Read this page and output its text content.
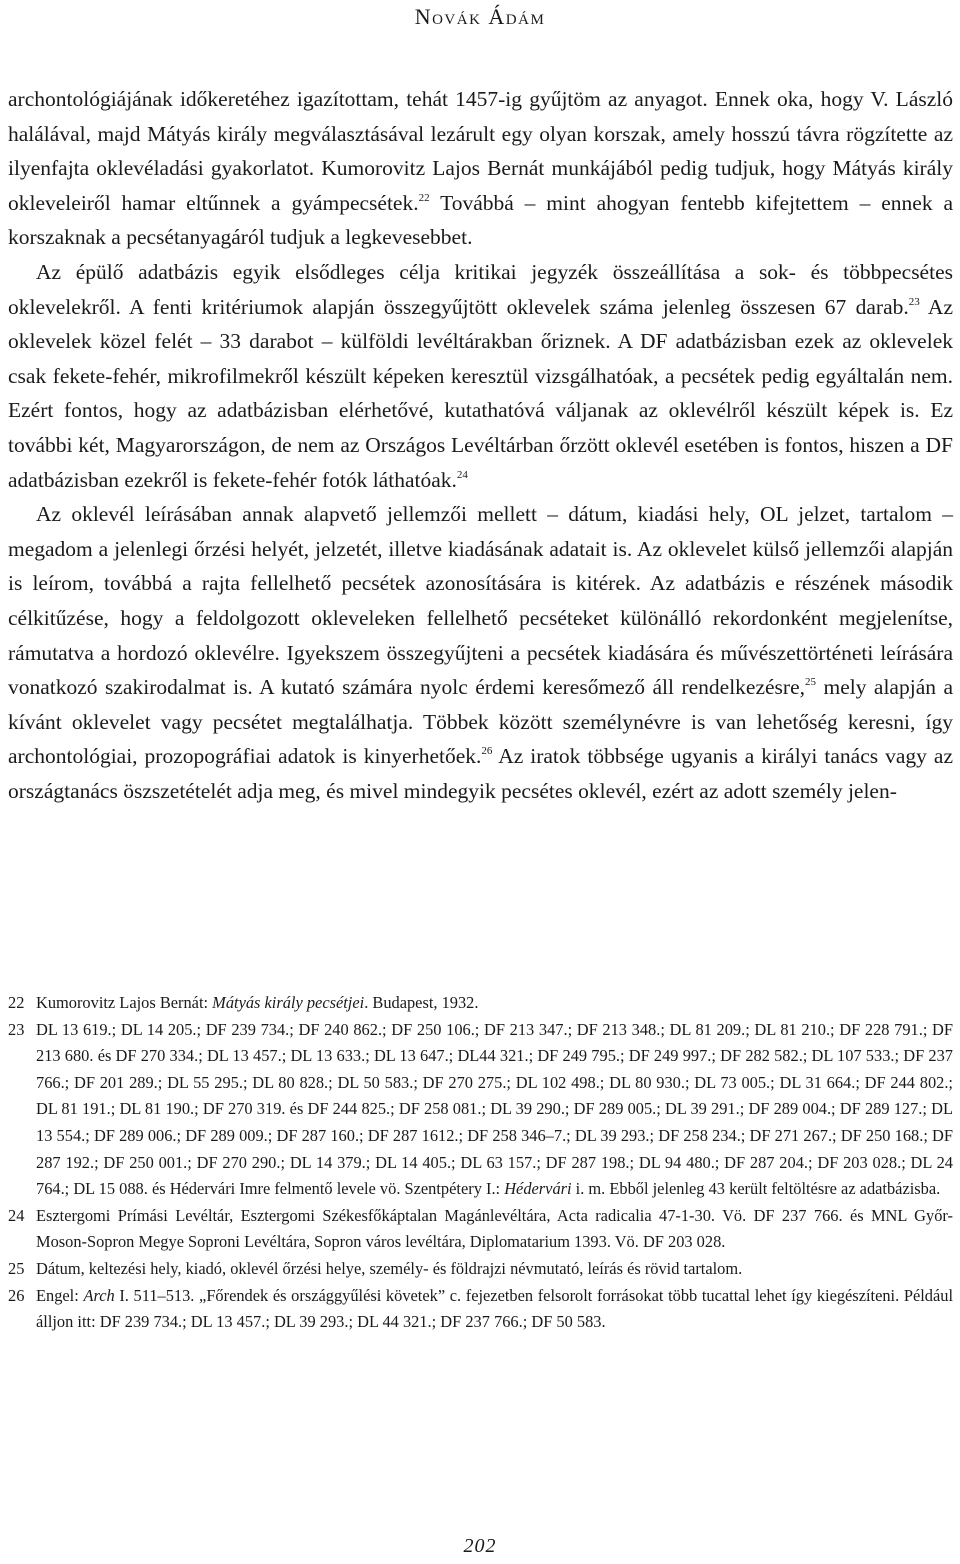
Novák Ádám

archontológiájának időkeretéhez igazítottam, tehát 1457-ig gyűjtöm az anyagot. Ennek oka, hogy V. László halálával, majd Mátyás király megválasztásával lezárult egy olyan korszak, amely hosszú távra rögzítette az ilyenfajta oklevéladási gyakorlatot. Kumorovitz Lajos Bernát munkájából pedig tudjuk, hogy Mátyás király okleveleiről hamar eltűnnek a gyámpecsétek.$^{22}$ Továbbá – mint ahogyan fentebb kifejtettem – ennek a korszaknak a pecsétanyagáról tudjuk a legkevesebbet.

Az épülő adatbázis egyik elsődleges célja kritikai jegyzék összeállítása a sok- és többpecsétes oklevelekről. A fenti kritériumok alapján összegyűjtött oklevelek száma jelenleg összesen 67 darab.$^{23}$ Az oklevelek közel felét – 33 darabot – külföldi levéltárakban őriznek. A DF adatbázisban ezek az oklevelek csak fekete-fehér, mikrofilmekről készült képeken keresztül vizsgálhatóak, a pecsétek pedig egyáltalán nem. Ezért fontos, hogy az adatbázisban elérhetővé, kutathatóvá váljanak az oklevélről készült képek is. Ez további két, Magyarországon, de nem az Országos Levéltárban őrzött oklevél esetében is fontos, hiszen a DF adatbázisban ezekről is fekete-fehér fotók láthatóak.$^{24}$

Az oklevél leírásában annak alapvető jellemzői mellett – dátum, kiadási hely, OL jelzet, tartalom – megadom a jelenlegi őrzési helyét, jelzetét, illetve kiadásának adatait is. Az oklevelet külső jellemzői alapján is leírom, továbbá a rajta fellelhető pecsétek azonosítására is kitérek. Az adatbázis e részének második célkitűzése, hogy a feldolgozott okleveleken fellelhető pecséteket különálló rekordonként megjelenítse, rámutatva a hordozó oklevélre. Igyekszem összegyűjteni a pecsétek kiadására és művészettörténeti leírására vonatkozó szakirodalmat is. A kutató számára nyolc érdemi keresőmező áll rendelkezésre,$^{25}$ mely alapján a kívánt oklevelet vagy pecsétet megtalálhatja. Többek között személynévre is van lehetőség keresni, így archontológiai, prozopográfiai adatok is kinyerhetőek.$^{26}$ Az iratok többsége ugyanis a királyi tanács vagy az országtanács öszszetételét adja meg, és mivel mindegyik pecsétes oklevél, ezért az adott személy jelen-

22 Kumorovitz Lajos Bernát: Mátyás király pecsétjei. Budapest, 1932.

23 DL 13 619.; DL 14 205.; DF 239 734.; DF 240 862.; DF 250 106.; DF 213 347.; DF 213 348.; DL 81 209.; DL 81 210.; DF 228 791.; DF 213 680. és DF 270 334.; DL 13 457.; DL 13 633.; DL 13 647.; DL44 321.; DF 249 795.; DF 249 997.; DF 282 582.; DL 107 533.; DF 237 766.; DF 201 289.; DL 55 295.; DL 80 828.; DL 50 583.; DF 270 275.; DL 102 498.; DL 80 930.; DL 73 005.; DL 31 664.; DF 244 802.; DL 81 191.; DL 81 190.; DF 270 319. és DF 244 825.; DF 258 081.; DL 39 290.; DF 289 005.; DL 39 291.; DF 289 004.; DF 289 127.; DL 13 554.; DF 289 006.; DF 289 009.; DF 287 160.; DF 287 1612.; DF 258 346–7.; DL 39 293.; DF 258 234.; DF 271 267.; DF 250 168.; DF 287 192.; DF 250 001.; DF 270 290.; DL 14 379.; DL 14 405.; DL 63 157.; DF 287 198.; DL 94 480.; DF 287 204.; DF 203 028.; DL 24 764.; DL 15 088. és Hédervári Imre felmentő levele vö. Szentpétery I.: Hédervári i. m. Ebből jelenleg 43 került feltöltésre az adatbázisba.

24 Esztergomi Prímási Levéltár, Esztergomi Székesfőkáptalan Magánlevéltára, Acta radicalia 47-1-30. Vö. DF 237 766. és MNL Győr-Moson-Sopron Megye Soproni Levéltára, Sopron város levéltára, Diplomatarium 1393. Vö. DF 203 028.

25 Dátum, keltezési hely, kiadó, oklevél őrzési helye, személy- és földrajzi névmutató, leírás és rövid tartalom.

26 Engel: Arch I. 511–513. „Főrendek és országgyűlési követek” c. fejezetben felsorolt forrásokat több tucattal lehet így kiegészíteni. Például álljon itt: DF 239 734.; DL 13 457.; DL 39 293.; DL 44 321.; DF 237 766.; DF 50 583.

202
